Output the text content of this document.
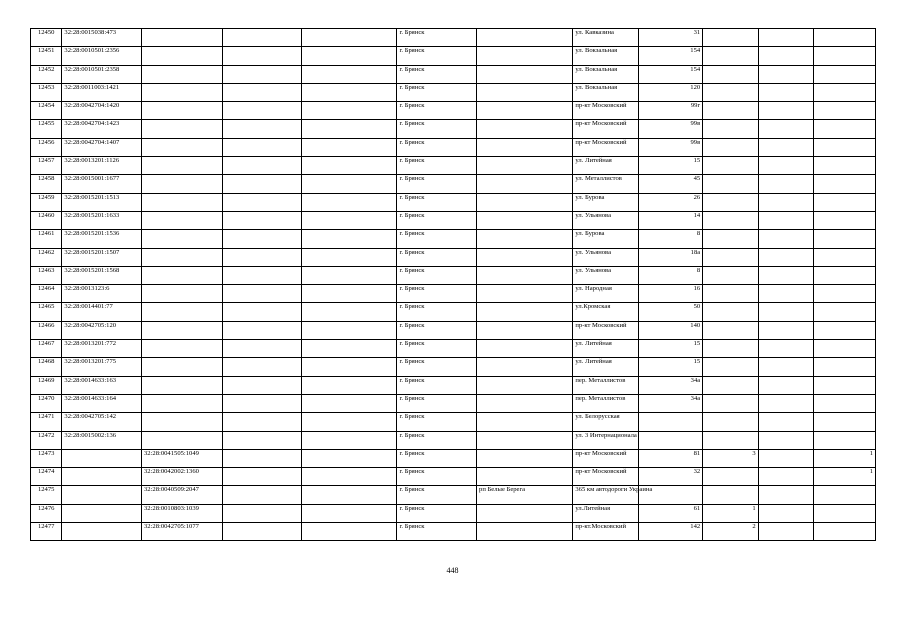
12450	32:28:0015038:473				г. Брянск		ул. Кавказина	31			
12451	32:28:0010501:2356				г. Брянск		ул. Вокзальная	154			
12452	32:28:0010501:2358				г. Брянск		ул. Вокзальная	154			
12453	32:28:0011003:1421				г. Брянск		ул. Вокзальная	120			
12454	32:28:0042704:1420				г. Брянск		пр-кт Московский	99г			
12455	32:28:0042704:1423				г. Брянск		пр-кт Московский	99в			
12456	32:28:0042704:1407				г. Брянск		пр-кт Московский	99в			
12457	32:28:0013201:1126				г. Брянск		ул. Литейная	15			
12458	32:28:0015001:1677				г. Брянск		ул. Металлистов	45			
12459	32:28:0015201:1513				г. Брянск		ул. Бурова	26			
12460	32:28:0015201:1633				г. Брянск		ул. Ульянова	14			
12461	32:28:0015201:1536				г. Брянск		ул. Бурова	8			
12462	32:28:0015201:1507				г. Брянск		ул. Ульянова	18а			
12463	32:28:0015201:1568				г. Брянск		ул. Ульянова	8			
12464	32:28:0013123:6				г. Брянск		ул. Народная	16			
12465	32:28:0014401:77				г. Брянск		ул.Кромская	50			
12466	32:28:0042705:120				г. Брянск		пр-кт Московский	140			
12467	32:28:0013201:772				г. Брянск		ул. Литейная	15			
12468	32:28:0013201:775				г. Брянск		ул. Литейная	15			
12469	32:28:0014633:163				г. Брянск		пер. Металлистов	34а			
12470	32:28:0014633:164				г. Брянск		пер. Металлистов	34а			
12471	32:28:0042705:142				г. Брянск		ул. Белорусская				
12472	32:28:0015002:136				г. Брянск		ул. 3 Интернационала				
12473		32:28:0041505:1049			г. Брянск		пр-кт Московский	81	3		1
12474		32:28:0042002:1360			г. Брянск		пр-кт Московский	32			1
12475		32:28:0040509:2047			г. Брянск	рп Белые Берега	365 км автодороги Украина				
12476		32:28:0010803:1039			г. Брянск		ул.Литейная	61	1		
12477		32:28:0042705:1077			г. Брянск		пр-кт.Московский	142	2		
448
